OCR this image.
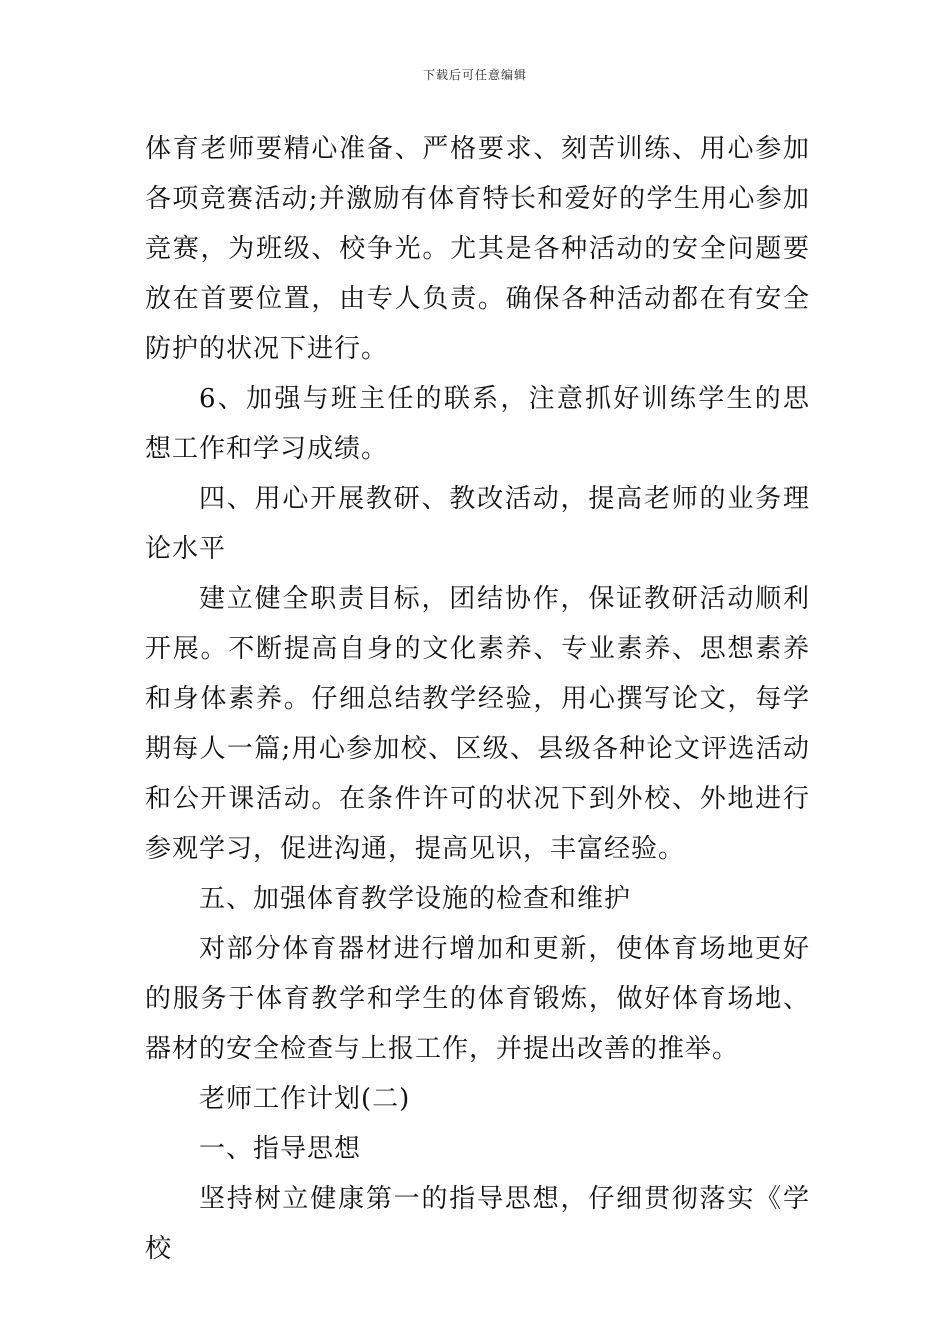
下载后可任意编辑

体育老师要精心准备、严格要求、刻苦训练、用心参加各项竞赛活动;并激励有体育特长和爱好的学生用心参加竞赛，为班级、校争光。尤其是各种活动的安全问题要放在首要位置，由专人负责。确保各种活动都在有安全防护的状况下进行。

6、加强与班主任的联系，注意抓好训练学生的思想工作和学习成绩。

四、用心开展教研、教改活动，提高老师的业务理论水平

建立健全职责目标，团结协作，保证教研活动顺利开展。不断提高自身的文化素养、专业素养、思想素养和身体素养。仔细总结教学经验，用心撰写论文，每学期每人一篇;用心参加校、区级、县级各种论文评选活动和公开课活动。在条件许可的状况下到外校、外地进行参观学习，促进沟通，提高见识，丰富经验。

五、加强体育教学设施的检查和维护

对部分体育器材进行增加和更新，使体育场地更好的服务于体育教学和学生的体育锻炼，做好体育场地、器材的安全检查与上报工作，并提出改善的推举。

老师工作计划(二)

一、指导思想

坚持树立健康第一的指导思想，仔细贯彻落实《学校
